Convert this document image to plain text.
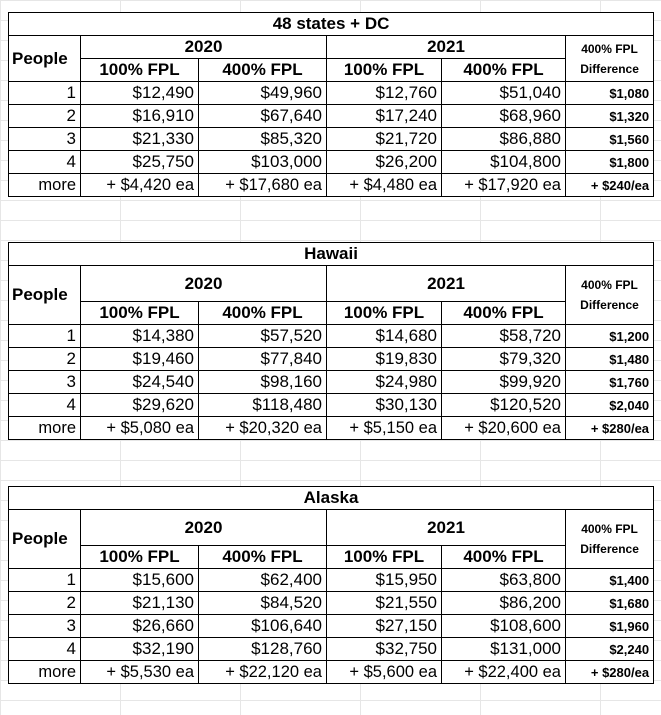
48 states + DC					
People	2020		2021		400% FPL
Difference
	100% FPL	400% FPL	100% FPL	400% FPL	
1	$12,490	$49,960	$12,760	$51,040	$1,080
2	$16,910	$67,640	$17,240	$68,960	$1,320
3	$21,330	$85,320	$21,720	$86,880	$1,560
4	$25,750	$103,000	$26,200	$104,800	$1,800
more	+ $4,420 ea	+ $17,680 ea	+ $4,480 ea	+ $17,920 ea	+ $240/ea
Hawaii					
People	2020		2021		400% FPL
Difference
	100% FPL	400% FPL	100% FPL	400% FPL	
1	$14,380	$57,520	$14,680	$58,720	$1,200
2	$19,460	$77,840	$19,830	$79,320	$1,480
3	$24,540	$98,160	$24,980	$99,920	$1,760
4	$29,620	$118,480	$30,130	$120,520	$2,040
more	+ $5,080 ea	+ $20,320 ea	+ $5,150 ea	+ $20,600 ea	+ $280/ea
Alaska					
People	2020		2021		400% FPL
Difference
	100% FPL	400% FPL	100% FPL	400% FPL	
1	$15,600	$62,400	$15,950	$63,800	$1,400
2	$21,130	$84,520	$21,550	$86,200	$1,680
3	$26,660	$106,640	$27,150	$108,600	$1,960
4	$32,190	$128,760	$32,750	$131,000	$2,240
more	+ $5,530 ea	+ $22,120 ea	+ $5,600 ea	+ $22,400 ea	+ $280/ea
